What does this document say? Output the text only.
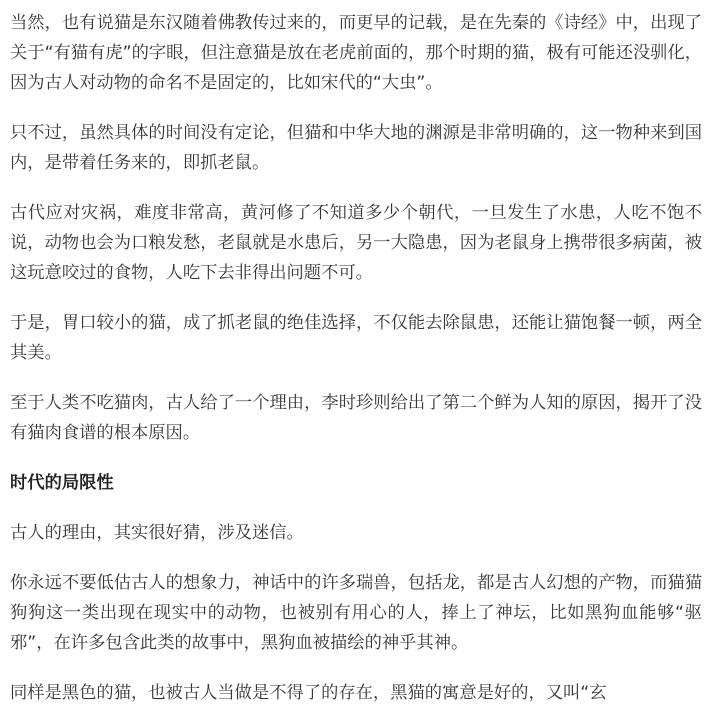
当然，也有说猫是东汉随着佛教传过来的，而更早的记载，是在先秦的《诗经》中，出现了关于“有猫有虎”的字眼，但注意猫是放在老虎前面的，那个时期的猫，极有可能还没驯化，因为古人对动物的命名不是固定的，比如宋代的“大虫”。

只不过，虽然具体的时间没有定论，但猫和中华大地的渊源是非常明确的，这一物种来到国内，是带着任务来的，即抓老鼠。

古代应对灾祸，难度非常高，黄河修了不知道多少个朝代，一旦发生了水患，人吃不饱不说，动物也会为口粮发愁，老鼠就是水患后，另一大隐患，因为老鼠身上携带很多病菌，被这玩意咬过的食物，人吃下去非得出问题不可。

于是，胃口较小的猫，成了抓老鼠的绝佳选择，不仅能去除鼠患，还能让猫饱餐一顿，两全其美。

至于人类不吃猫肉，古人给了一个理由，李时珍则给出了第二个鲜为人知的原因，揭开了没有猫肉食谱的根本原因。

时代的局限性

古人的理由，其实很好猜，涉及迷信。

你永远不要低估古人的想象力，神话中的许多瑞兽，包括龙，都是古人幻想的产物，而猫猫狗狗这一类出现在现实中的动物，也被别有用心的人，捧上了神坛，比如黑狗血能够“驱邪”，在许多包含此类的故事中，黑狗血被描绘的神乎其神。

同样是黑色的猫，也被古人当做是不得了的存在，黑猫的寓意是好的，又叫“玄
